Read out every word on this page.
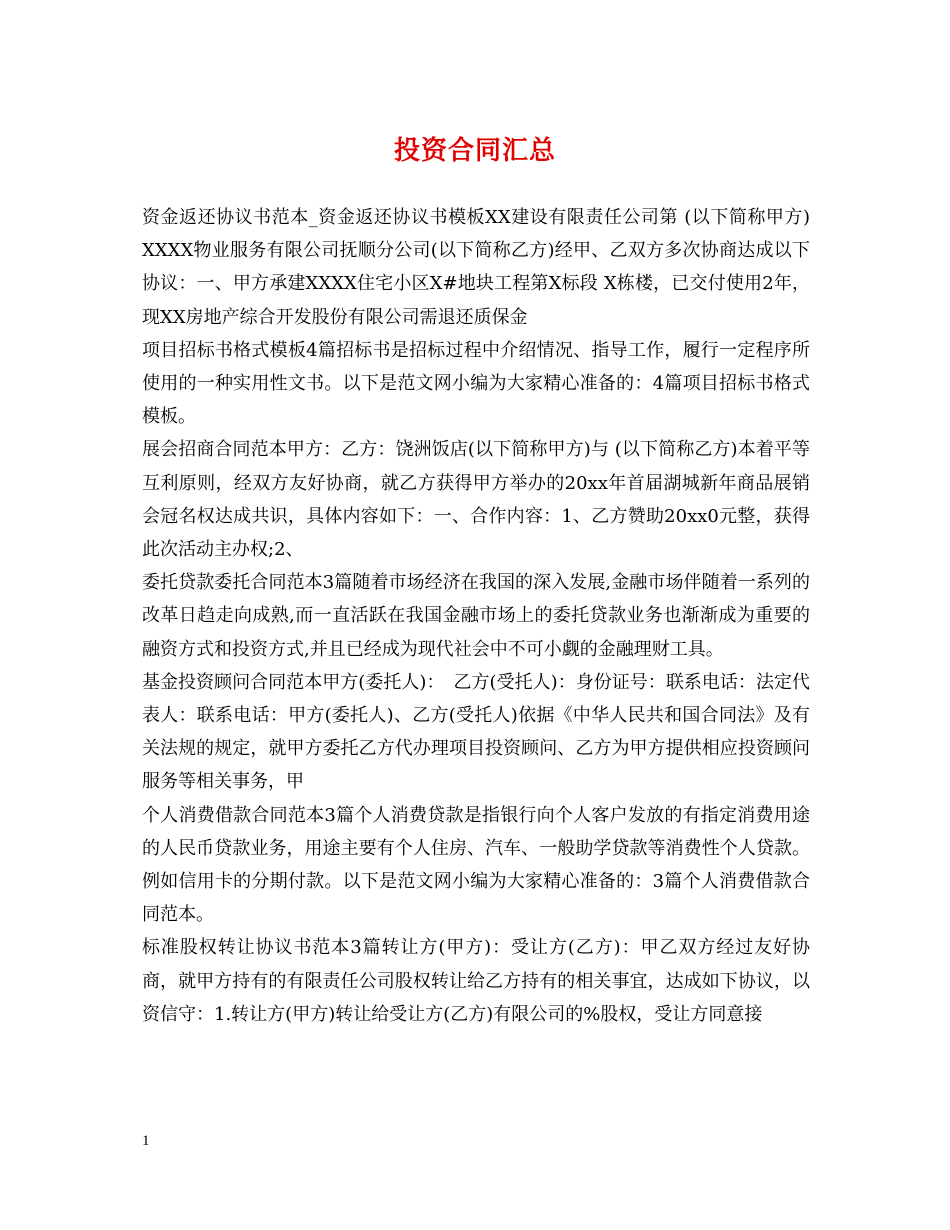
投资合同汇总

资金返还协议书范本_资金返还协议书模板XX建设有限责任公司第 (以下简称甲方) XXXX物业服务有限公司抚顺分公司(以下简称乙方)经甲、乙双方多次协商达成以下协议：一、甲方承建XXXX住宅小区X#地块工程第X标段 X栋楼，已交付使用2年，现XX房地产综合开发股份有限公司需退还质保金

项目招标书格式模板4篇招标书是招标过程中介绍情况、指导工作，履行一定程序所使用的一种实用性文书。以下是范文网小编为大家精心准备的：4篇项目招标书格式模板。

展会招商合同范本甲方：乙方：饶洲饭店(以下简称甲方)与 (以下简称乙方)本着平等互利原则，经双方友好协商，就乙方获得甲方举办的20xx年首届湖城新年商品展销会冠名权达成共识，具体内容如下：一、合作内容：1、乙方赞助20xx0元整，获得此次活动主办权;2、

委托贷款委托合同范本3篇随着市场经济在我国的深入发展,金融市场伴随着一系列的改革日趋走向成熟,而一直活跃在我国金融市场上的委托贷款业务也渐渐成为重要的融资方式和投资方式,并且已经成为现代社会中不可小觑的金融理财工具。

基金投资顾问合同范本甲方(委托人)：　乙方(受托人)：身份证号：联系电话：法定代表人：联系电话：甲方(委托人)、乙方(受托人)依据《中华人民共和国合同法》及有关法规的规定，就甲方委托乙方代办理项目投资顾问、乙方为甲方提供相应投资顾问服务等相关事务，甲

个人消费借款合同范本3篇个人消费贷款是指银行向个人客户发放的有指定消费用途的人民币贷款业务，用途主要有个人住房、汽车、一般助学贷款等消费性个人贷款。例如信用卡的分期付款。以下是范文网小编为大家精心准备的：3篇个人消费借款合同范本。

标准股权转让协议书范本3篇转让方(甲方)：受让方(乙方)：甲乙双方经过友好协商，就甲方持有的有限责任公司股权转让给乙方持有的相关事宜，达成如下协议，以资信守：1.转让方(甲方)转让给受让方(乙方)有限公司的%股权，受让方同意接

1
